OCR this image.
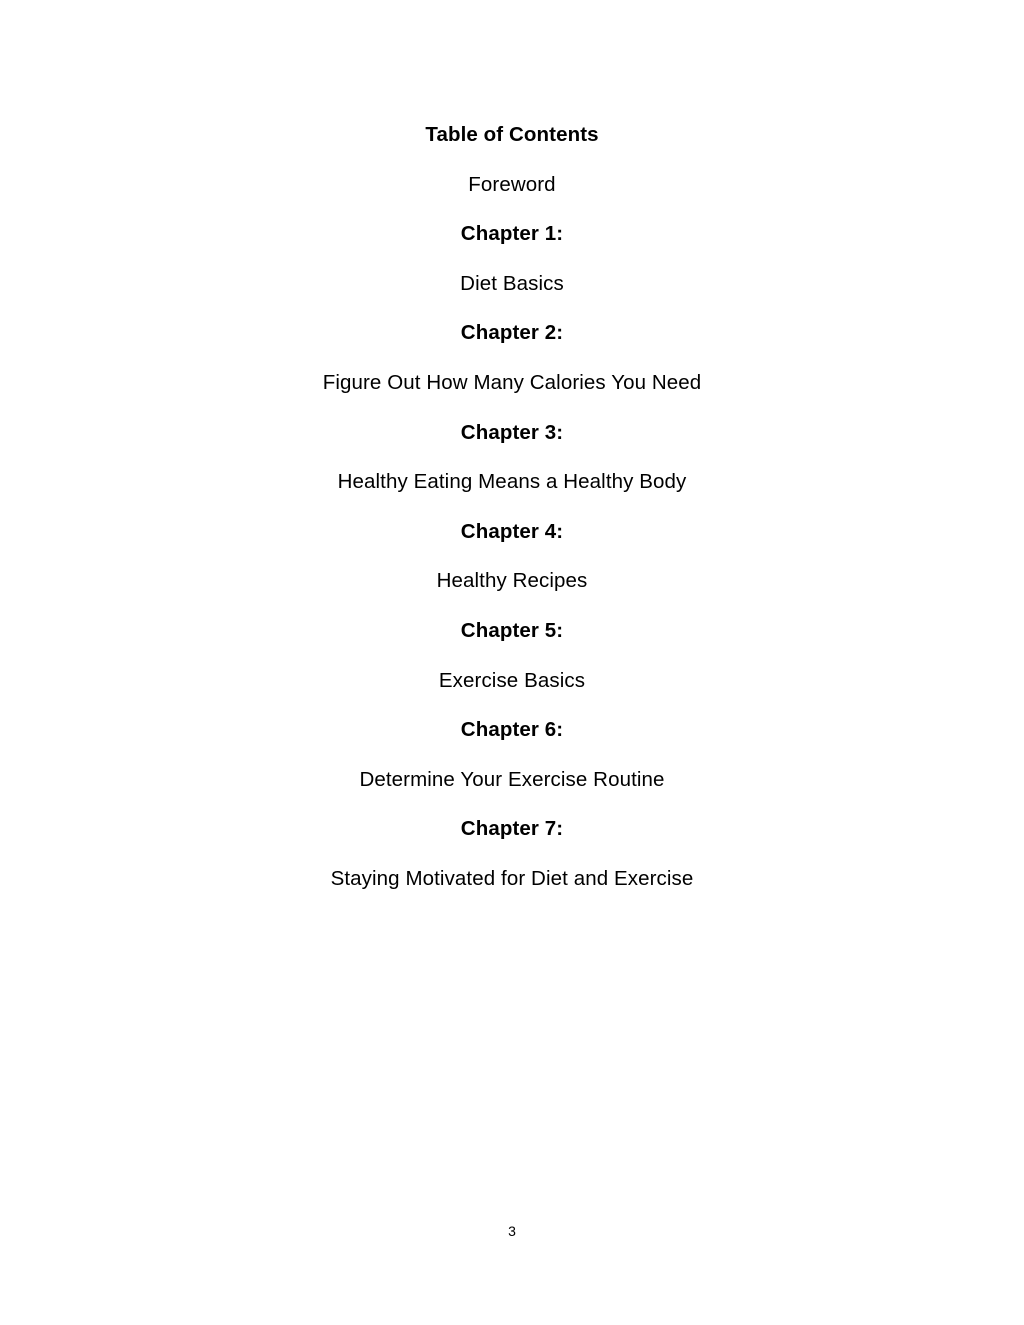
Table of Contents
Foreword
Chapter 1:
Diet Basics
Chapter 2:
Figure Out How Many Calories You Need
Chapter 3:
Healthy Eating Means a Healthy Body
Chapter 4:
Healthy Recipes
Chapter 5:
Exercise Basics
Chapter 6:
Determine Your Exercise Routine
Chapter 7:
Staying Motivated for Diet and Exercise
3
